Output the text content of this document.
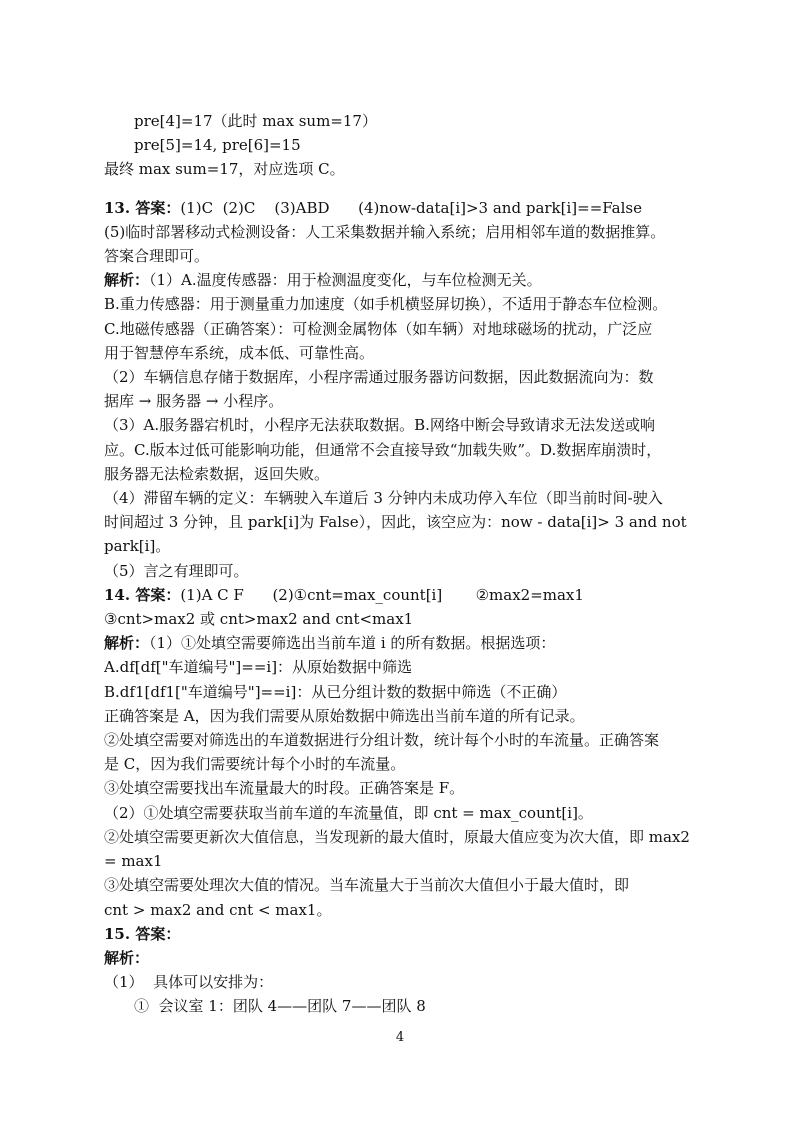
pre[4]=17（此时 max sum=17）
pre[5]=14, pre[6]=15
最终 max sum=17，对应选项 C。
13. 答案：(1)C  (2)C    (3)ABD      (4)now-data[i]>3 and park[i]==False
(5)临时部署移动式检测设备：人工采集数据并输入系统；启用相邻车道的数据推算。
答案合理即可。
解析：（1）A.温度传感器：用于检测温度变化，与车位检测无关。
B.重力传感器：用于测量重力加速度（如手机横竖屏切换），不适用于静态车位检测。
C.地磁传感器（正确答案）：可检测金属物体（如车辆）对地球磁场的扰动，广泛应
用于智慧停车系统，成本低、可靠性高。
（2）车辆信息存储于数据库，小程序需通过服务器访问数据，因此数据流向为：数
据库 → 服务器 → 小程序。
（3）A.服务器宕机时，小程序无法获取数据。B.网络中断会导致请求无法发送或响
应。C.版本过低可能影响功能，但通常不会直接导致“加载失败”。D.数据库崩溃时，
服务器无法检索数据，返回失败。
（4）滞留车辆的定义：车辆驶入车道后 3 分钟内未成功停入车位（即当前时间-驶入
时间超过 3 分钟，且 park[i]为 False），因此，该空应为：now - data[i]> 3 and not
park[i]。
（5）言之有理即可。
14. 答案：(1)A C F      (2)①cnt=max_count[i]       ②max2=max1
③cnt>max2 或 cnt>max2 and cnt<max1
解析：（1）①处填空需要筛选出当前车道 i 的所有数据。根据选项：
A.df[df["车道编号"]==i]：从原始数据中筛选
B.df1[df1["车道编号"]==i]：从已分组计数的数据中筛选（不正确）
正确答案是 A，因为我们需要从原始数据中筛选出当前车道的所有记录。
②处填空需要对筛选出的车道数据进行分组计数，统计每个小时的车流量。正确答案
是 C，因为我们需要统计每个小时的车流量。
③处填空需要找出车流量最大的时段。正确答案是 F。
（2）①处填空需要获取当前车道的车流量值，即 cnt = max_count[i]。
②处填空需要更新次大值信息，当发现新的最大值时，原最大值应变为次大值，即 max2
= max1
③处填空需要处理次大值的情况。当车流量大于当前次大值但小于最大值时，即
cnt > max2 and cnt < max1。
15. 答案：
解析：
（1）  具体可以安排为：
①  会议室 1：团队 4——团队 7——团队 8
4
